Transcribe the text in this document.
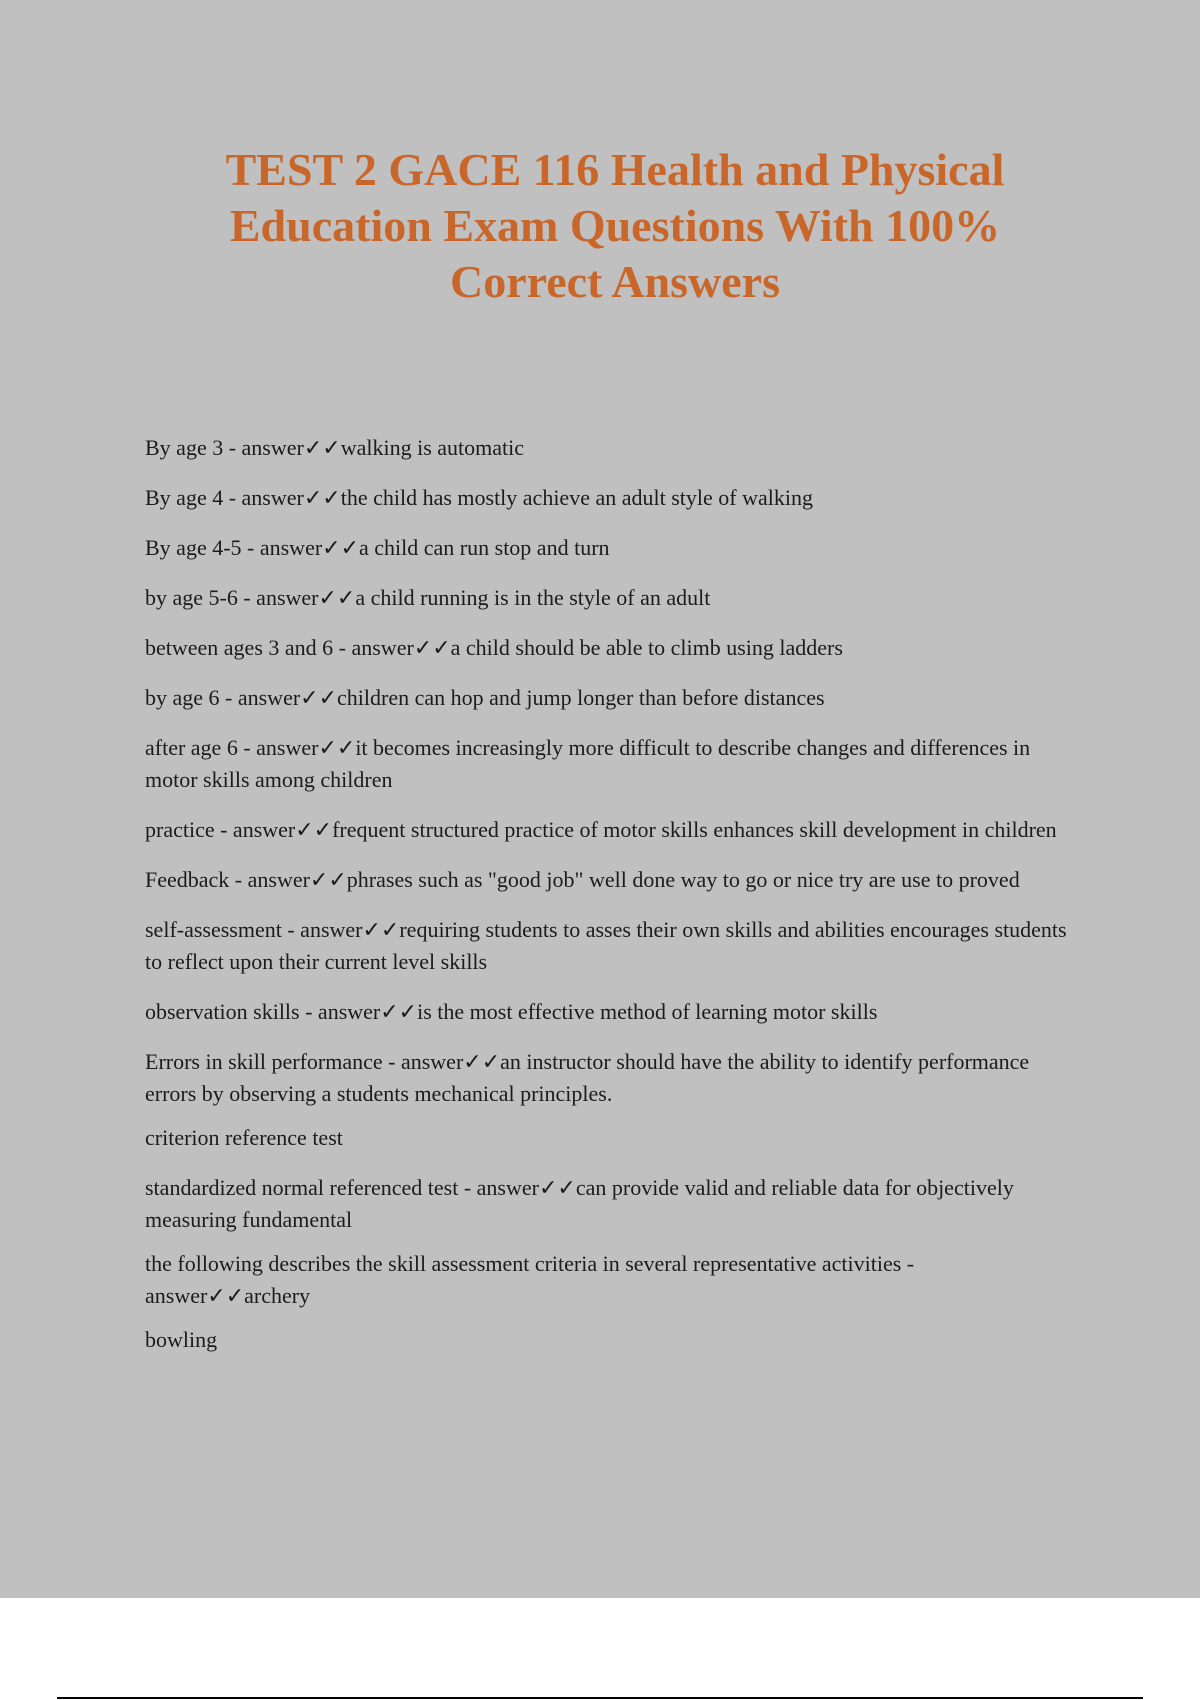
TEST 2 GACE 116 Health and Physical Education Exam Questions With 100% Correct Answers
By age 3 - answer✓✓walking is automatic
By age 4 - answer✓✓the child has mostly achieve an adult style of walking
By age 4-5 - answer✓✓a child can run stop and turn
by age 5-6 - answer✓✓a child running is in the style of an adult
between ages 3 and 6 - answer✓✓a child should be able to climb using ladders
by age 6 - answer✓✓children can hop and jump longer than before distances
after age 6 - answer✓✓it becomes increasingly more difficult to describe changes and differences in motor skills among children
practice - answer✓✓frequent structured practice of motor skills enhances skill development in children
Feedback - answer✓✓phrases such as "good job" well done way to go or nice try are use to proved
self-assessment - answer✓✓requiring students to asses their own skills and abilities encourages students to reflect upon their current level skills
observation skills - answer✓✓is the most effective method of learning motor skills
Errors in skill performance - answer✓✓an instructor should have the ability to identify performance errors by observing a students mechanical principles.
criterion reference test
standardized normal referenced test - answer✓✓can provide valid and reliable data for objectively measuring fundamental
the following describes the skill assessment criteria in several representative activities - answer✓✓archery
bowling
